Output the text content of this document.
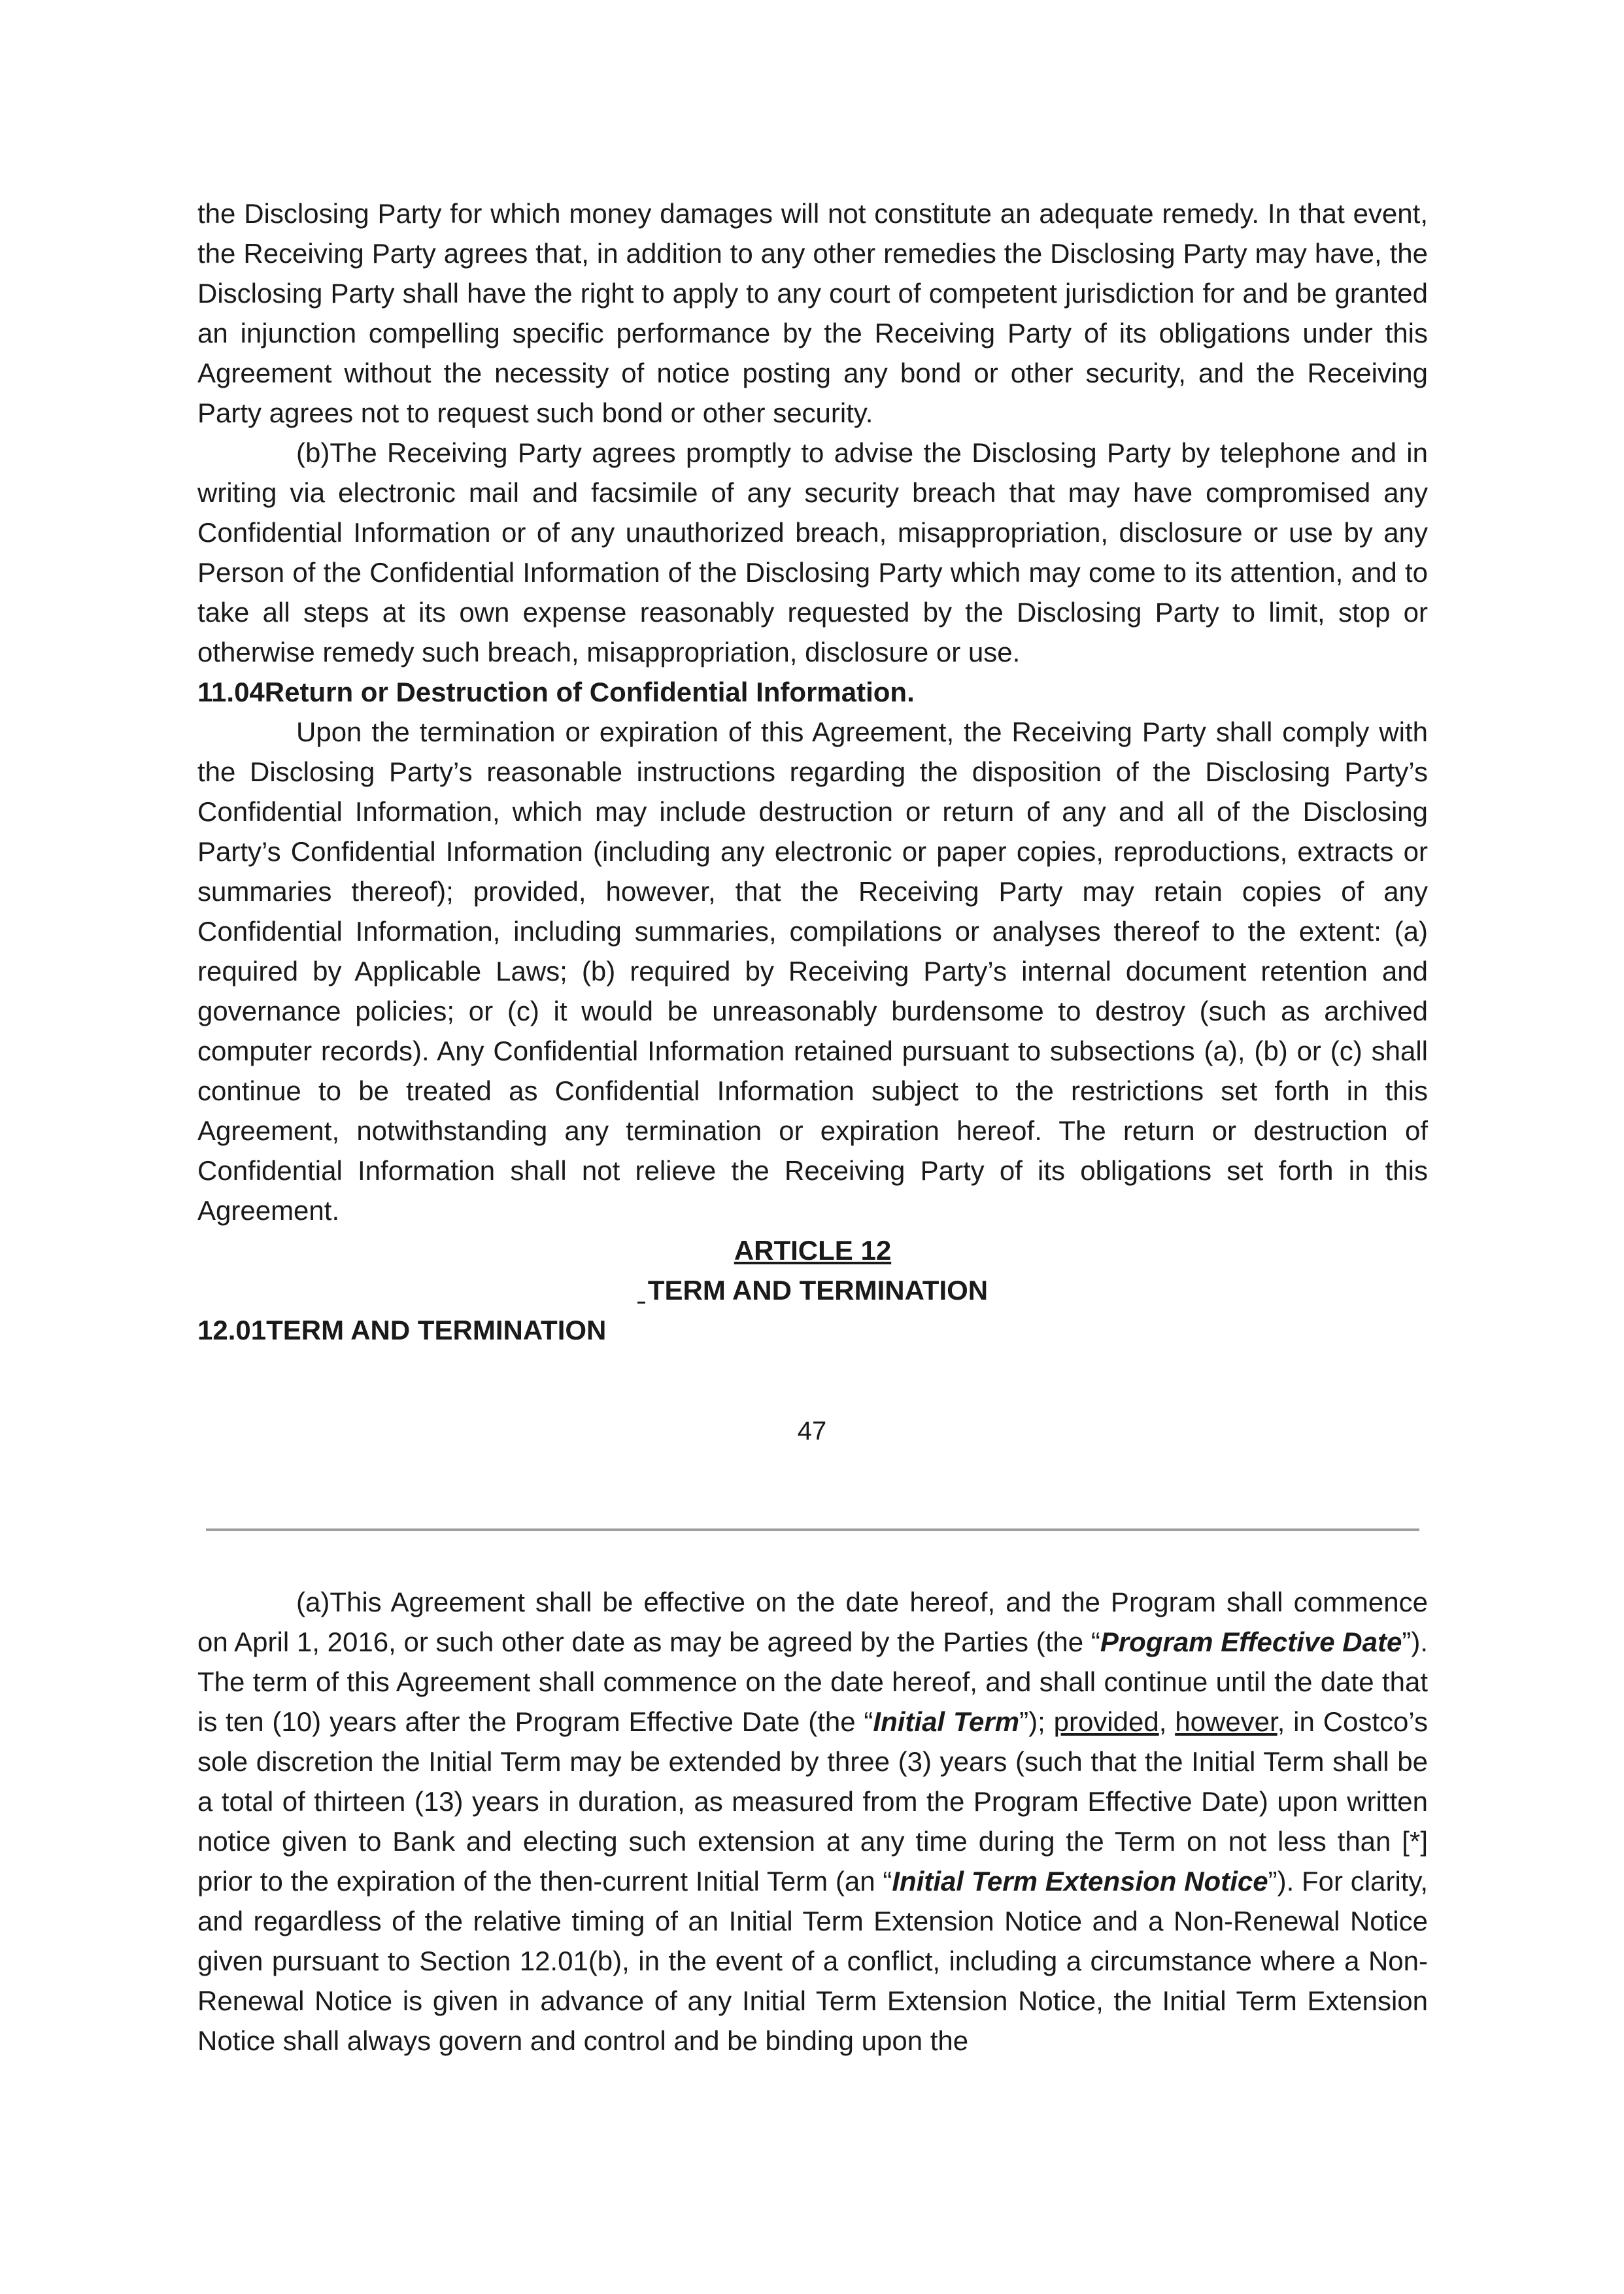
the Disclosing Party for which money damages will not constitute an adequate remedy. In that event, the Receiving Party agrees that, in addition to any other remedies the Disclosing Party may have, the Disclosing Party shall have the right to apply to any court of competent jurisdiction for and be granted an injunction compelling specific performance by the Receiving Party of its obligations under this Agreement without the necessity of notice posting any bond or other security, and the Receiving Party agrees not to request such bond or other security.

(b)The Receiving Party agrees promptly to advise the Disclosing Party by telephone and in writing via electronic mail and facsimile of any security breach that may have compromised any Confidential Information or of any unauthorized breach, misappropriation, disclosure or use by any Person of the Confidential Information of the Disclosing Party which may come to its attention, and to take all steps at its own expense reasonably requested by the Disclosing Party to limit, stop or otherwise remedy such breach, misappropriation, disclosure or use.

11.04Return or Destruction of Confidential Information.

Upon the termination or expiration of this Agreement, the Receiving Party shall comply with the Disclosing Party’s reasonable instructions regarding the disposition of the Disclosing Party’s Confidential Information, which may include destruction or return of any and all of the Disclosing Party’s Confidential Information (including any electronic or paper copies, reproductions, extracts or summaries thereof); provided, however, that the Receiving Party may retain copies of any Confidential Information, including summaries, compilations or analyses thereof to the extent: (a) required by Applicable Laws; (b) required by Receiving Party’s internal document retention and governance policies; or (c) it would be unreasonably burdensome to destroy (such as archived computer records). Any Confidential Information retained pursuant to subsections (a), (b) or (c) shall continue to be treated as Confidential Information subject to the restrictions set forth in this Agreement, notwithstanding any termination or expiration hereof. The return or destruction of Confidential Information shall not relieve the Receiving Party of its obligations set forth in this Agreement.

ARTICLE 12

TERM AND TERMINATION

12.01TERM AND TERMINATION

47

(a)This Agreement shall be effective on the date hereof, and the Program shall commence on April 1, 2016, or such other date as may be agreed by the Parties (the “Program Effective Date”). The term of this Agreement shall commence on the date hereof, and shall continue until the date that is ten (10) years after the Program Effective Date (the “Initial Term”); provided, however, in Costco’s sole discretion the Initial Term may be extended by three (3) years (such that the Initial Term shall be a total of thirteen (13) years in duration, as measured from the Program Effective Date) upon written notice given to Bank and electing such extension at any time during the Term on not less than [*] prior to the expiration of the then-current Initial Term (an “Initial Term Extension Notice”). For clarity, and regardless of the relative timing of an Initial Term Extension Notice and a Non-Renewal Notice given pursuant to Section 12.01(b), in the event of a conflict, including a circumstance where a Non-Renewal Notice is given in advance of any Initial Term Extension Notice, the Initial Term Extension Notice shall always govern and control and be binding upon the
